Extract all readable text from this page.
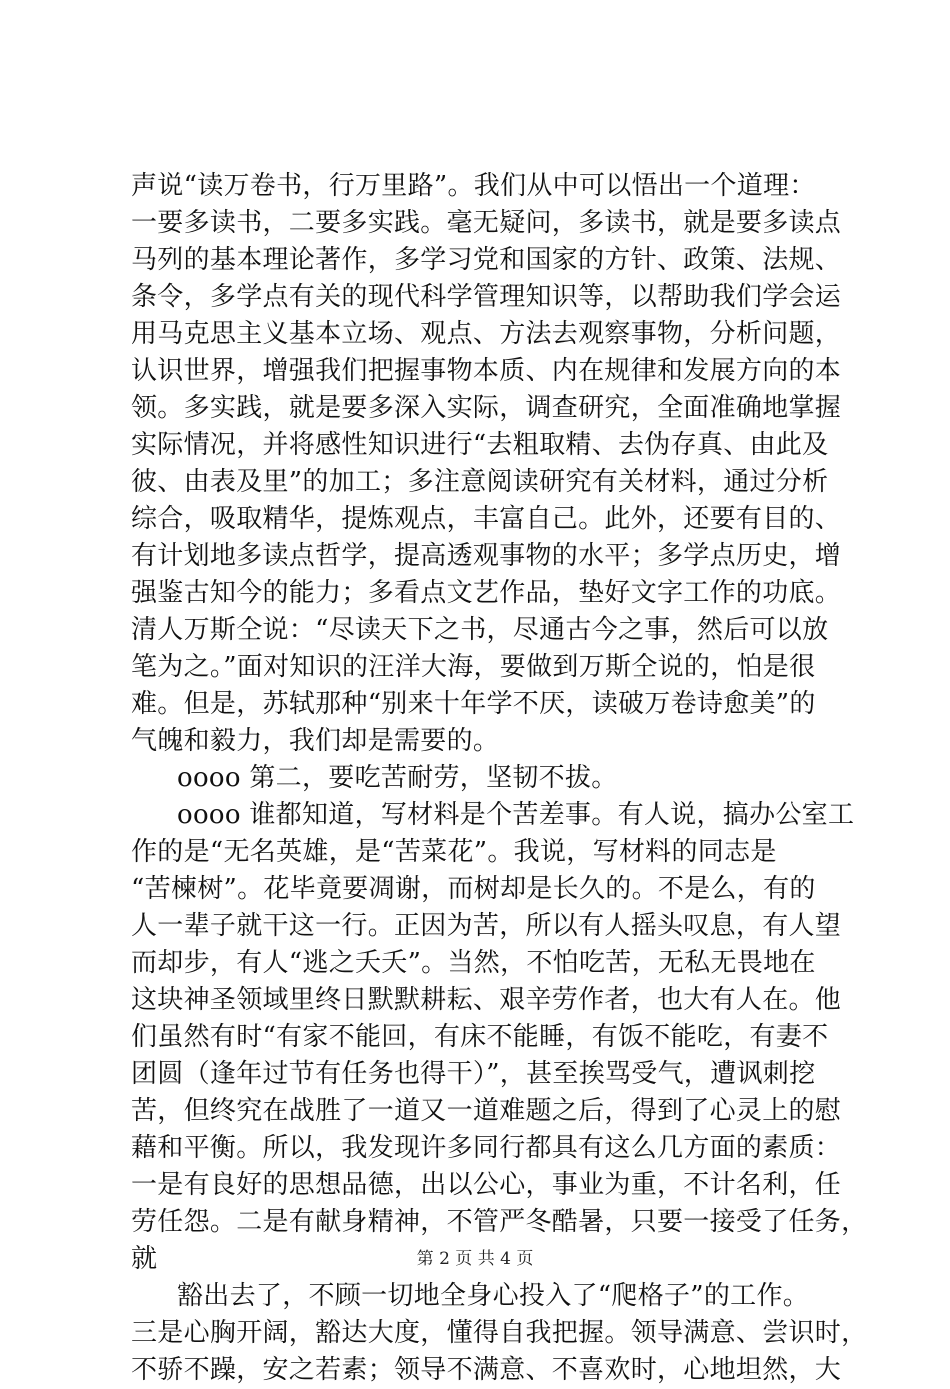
声说“读万卷书，行万里路”。我们从中可以悟出一个道理：
一要多读书，二要多实践。毫无疑问，多读书，就是要多读点
马列的基本理论著作，多学习党和国家的方针、政策、法规、
条令，多学点有关的现代科学管理知识等，以帮助我们学会运
用马克思主义基本立场、观点、方法去观察事物，分析问题，
认识世界，增强我们把握事物本质、内在规律和发展方向的本
领。多实践，就是要多深入实际，调查研究，全面准确地掌握
实际情况，并将感性知识进行“去粗取精、去伪存真、由此及
彼、由表及里”的加工；多注意阅读研究有关材料，通过分析
综合，吸取精华，提炼观点，丰富自己。此外，还要有目的、
有计划地多读点哲学，提高透观事物的水平；多学点历史，增
强鉴古知今的能力；多看点文艺作品，垫好文字工作的功底。
清人万斯仝说：“尽读天下之书，尽通古今之事，然后可以放
笔为之。”面对知识的汪洋大海，要做到万斯仝说的，怕是很
难。但是，苏轼那种“别来十年学不厌，读破万卷诗愈美”的
气魄和毅力，我们却是需要的。
oooo 第二，要吃苦耐劳，坚韧不拔。
oooo 谁都知道，写材料是个苦差事。有人说，搞办公室工
作的是“无名英雄，是“苦菜花”。我说，写材料的同志是
“苦楝树”。花毕竟要凋谢，而树却是长久的。不是么，有的
人一辈子就干这一行。正因为苦，所以有人摇头叹息，有人望
而却步，有人“逃之夭夭”。当然，不怕吃苦，无私无畏地在
这块神圣领域里终日默默耕耘、艰辛劳作者，也大有人在。他
们虽然有时“有家不能回，有床不能睡，有饭不能吃，有妻不
团圆（逢年过节有任务也得干）”，甚至挨骂受气，遭讽刺挖
苦，但终究在战胜了一道又一道难题之后，得到了心灵上的慰
藉和平衡。所以，我发现许多同行都具有这么几方面的素质：
一是有良好的思想品德，出以公心，事业为重，不计名利，任
劳任怨。二是有献身精神，不管严冬酷暑，只要一接受了任务，
就
豁出去了，不顾一切地全身心投入了“爬格子”的工作。
三是心胸开阔，豁达大度，懂得自我把握。领导满意、尝识时，
不骄不躁，安之若素；领导不满意、不喜欢时，心地坦然，大
第 2 页 共 4 页
